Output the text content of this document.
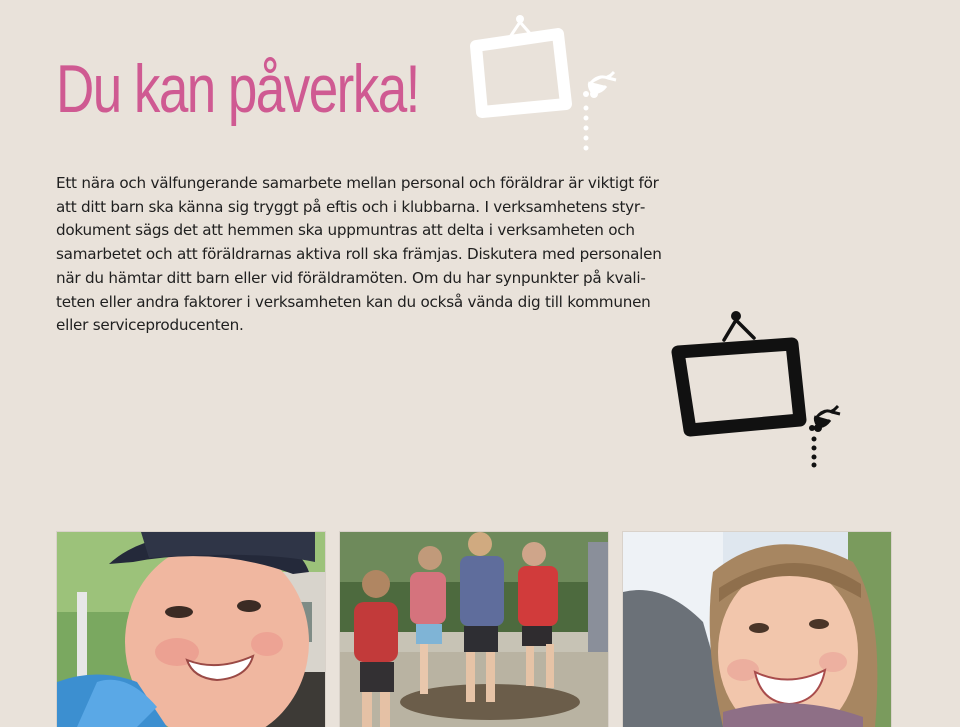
Du kan påverka!

Ett nära och välfungerande samarbete mellan personal och föräldrar är viktigt för att ditt barn ska känna sig tryggt på eftis och i klubbarna. I verksamhetens styrdokument sägs det att hemmen ska uppmuntras att delta i verksamheten och samarbetet och att föräldrarnas aktiva roll ska främjas. Diskutera med personalen när du hämtar ditt barn eller vid föräldramöten. Om du har synpunkter på kvaliteten eller andra faktorer i verksamheten kan du också vända dig till kommunen eller serviceproducenten.
